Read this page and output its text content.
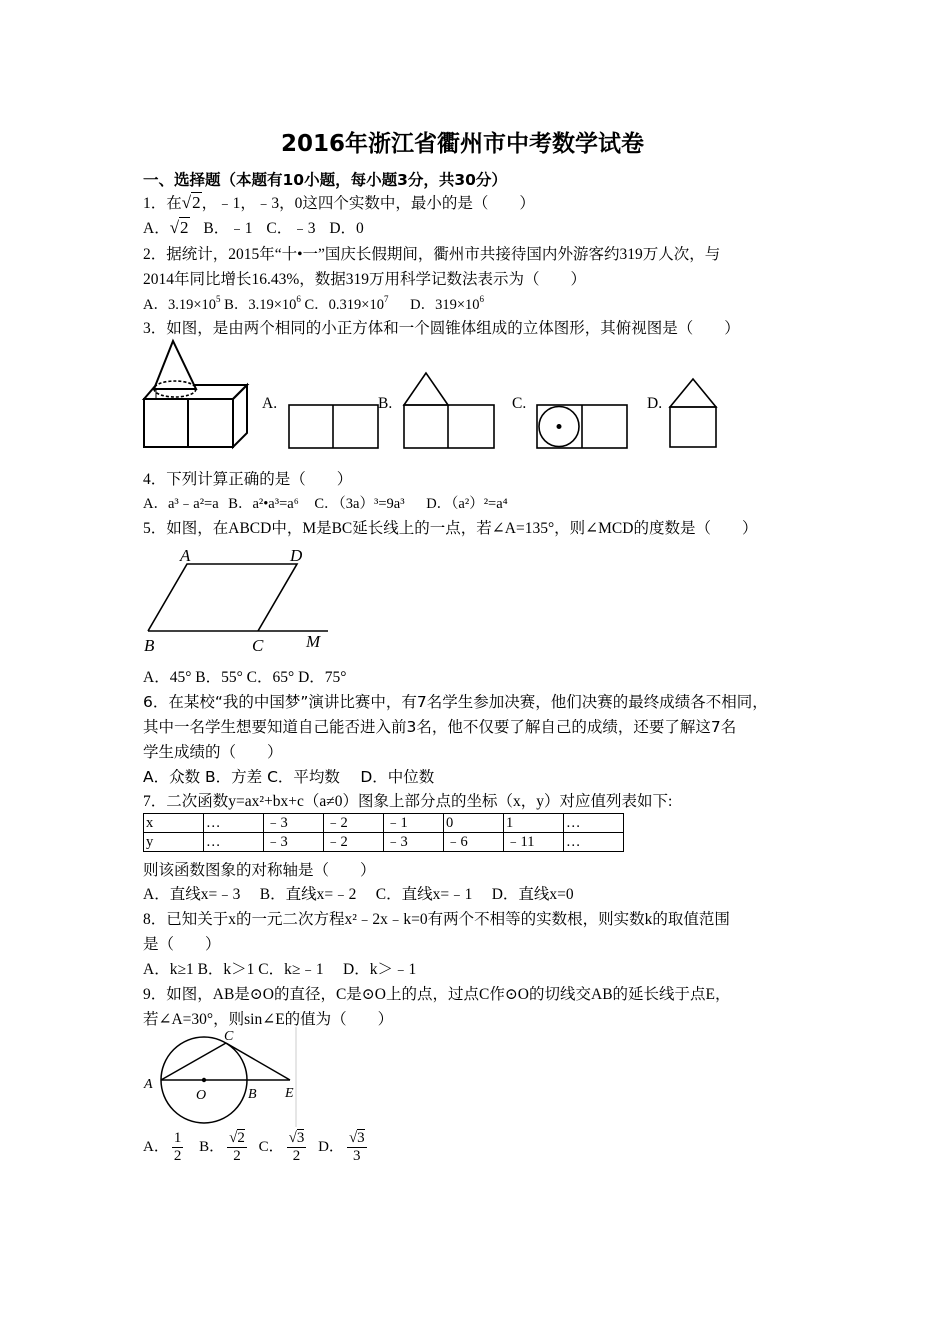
2016年浙江省衢州市中考数学试卷
一、选择题（本题有10小题，每小题3分，共30分）
1．在√2，﹣1，﹣3，0这四个实数中，最小的是（　　）
A．√2 B．﹣1 C．﹣3 D．0
2．据统计，2015年“十•一”国庆长假期间，衢州市共接待国内外游客约319万人次，与
2014年同比增长16.43%，数据319万用科学记数法表示为（　　）
A．$3.19\times 10^5$ B．$3.19\times 10^6$ C．$0.319\times 10^7$ D．$319\times 10^6$
3．如图，是由两个相同的小正方体和一个圆锥体组成的立体图形，其俯视图是（　　）
A.	B.	C.	D.
4．下列计算正确的是（　　）
A．a³﹣a²=a B．a²•a³=a⁶ C．（3a）³=9a³ D．（a²）²=a⁴
5．如图，在ABCD中，M是BC延长线上的一点，若∠A=135°，则∠MCD的度数是（　　）
A	D
B	C	M
A．45° B．55° C．65° D．75°
6．在某校“我的中国梦”演讲比赛中，有7名学生参加决赛，他们决赛的最终成绩各不相同，
其中一名学生想要知道自己能否进入前3名，他不仅要了解自己的成绩，还要了解这7名
学生成绩的（　　）
A．众数 B．方差 C．平均数　 D．中位数
7．二次函数y=ax²+bx+c（a≠0）图象上部分点的坐标（x，y）对应值列表如下:
x	…	﹣3	﹣2	﹣1	0	1	…
y	…	﹣3	﹣2	﹣3	﹣6	﹣11	…
则该函数图象的对称轴是（　　）
A．直线x=﹣3　 B．直线x=﹣2　 C．直线x=﹣1　 D．直线x=0
8．已知关于x的一元二次方程x²﹣2x﹣k=0有两个不相等的实数根，则实数k的取值范围
是（　　）
A．k≥1 B．k＞1 C．k≥﹣1　 D．k＞﹣1
9．如图，AB是⊙O的直径，C是⊙O上的点，过点C作⊙O的切线交AB的延长线于点E，
若∠A=30°，则sin∠E的值为（　　）
A
O	B E
C
A． $\frac{1}{2}$ B． $\frac{√2}{2}$ C． $\frac{√3}{2}$ D． $\frac{√3}{3}$
